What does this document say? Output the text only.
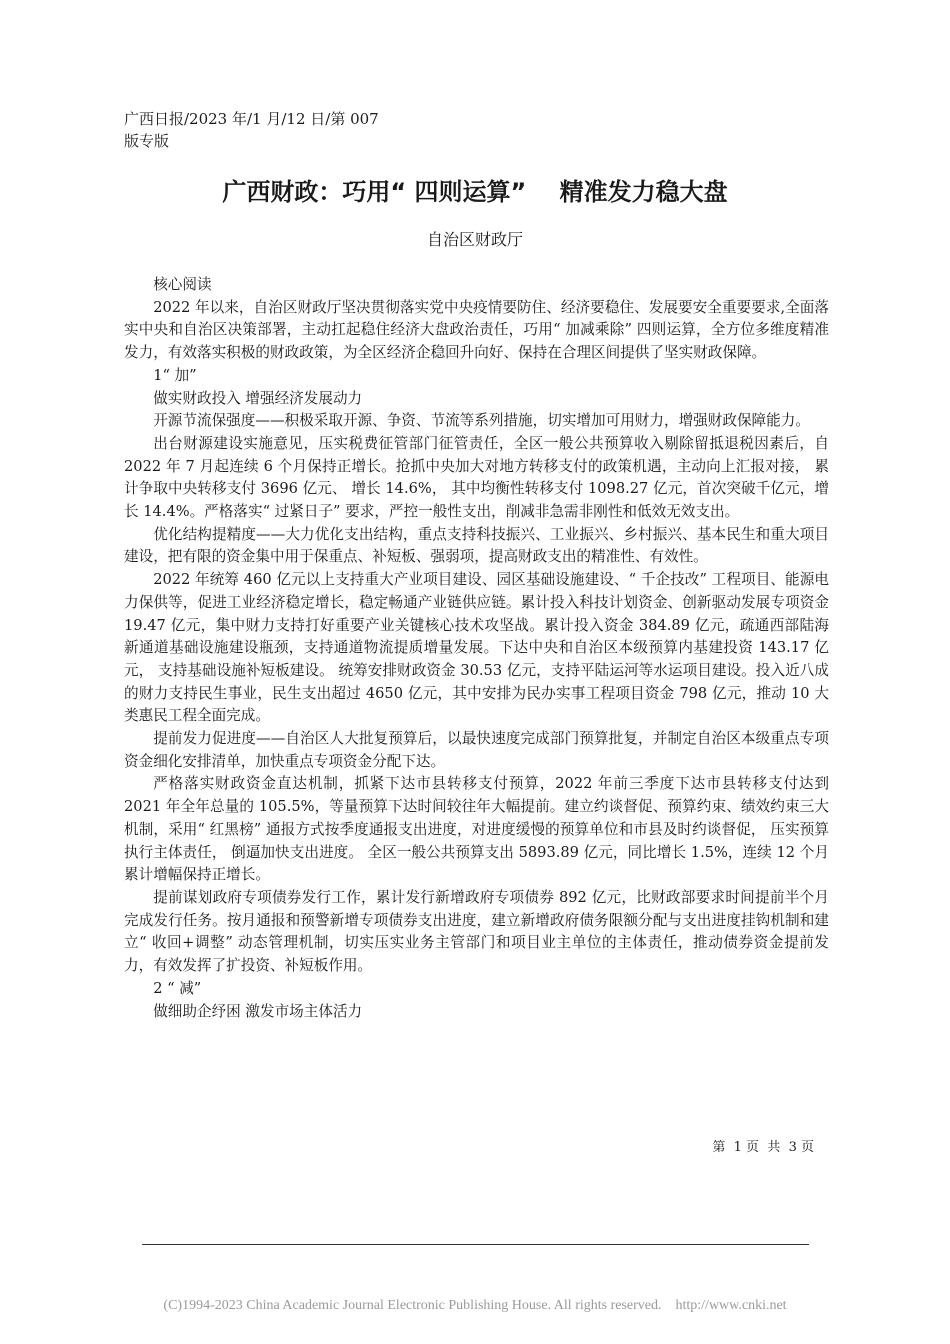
广西日报/2023 年/1 月/12 日/第 007 版专版
广西财政：巧用“ 四则运算”    精准发力稳大盘
自治区财政厅

核心阅读

2022 年以来，自治区财政厅坚决贯彻落实党中央疫情要防住、经济要稳住、发展要安全重要要求,全面落实中央和自治区决策部署，主动扛起稳住经济大盘政治责任，巧用“ 加减乘除” 四则运算，全方位多维度精准发力，有效落实积极的财政政策，为全区经济企稳回升向好、保持在合理区间提供了坚实财政保障。

1“ 加”

做实财政投入 增强经济发展动力

开源节流保强度——积极采取开源、争资、节流等系列措施，切实增加可用财力，增强财政保障能力。

出台财源建设实施意见，压实税费征管部门征管责任，全区一般公共预算收入剔除留抵退税因素后，自 2022 年 7 月起连续 6 个月保持正增长。抢抓中央加大对地方转移支付的政策机遇，主动向上汇报对接， 累计争取中央转移支付 3696 亿元、 增长 14.6%， 其中均衡性转移支付 1098.27 亿元，首次突破千亿元，增长 14.4%。严格落实“ 过紧日子” 要求，严控一般性支出，削减非急需非刚性和低效无效支出。

优化结构提精度——大力优化支出结构，重点支持科技振兴、工业振兴、乡村振兴、基本民生和重大项目建设，把有限的资金集中用于保重点、补短板、强弱项，提高财政支出的精准性、有效性。

2022 年统筹 460 亿元以上支持重大产业项目建设、园区基础设施建设、“ 千企技改” 工程项目、能源电力保供等，促进工业经济稳定增长，稳定畅通产业链供应链。累计投入科技计划资金、创新驱动发展专项资金 19.47 亿元，集中财力支持打好重要产业关键核心技术攻坚战。累计投入资金 384.89 亿元，疏通西部陆海新通道基础设施建设瓶颈，支持通道物流提质增量发展。下达中央和自治区本级预算内基建投资 143.17 亿元， 支持基础设施补短板建设。 统筹安排财政资金 30.53 亿元，支持平陆运河等水运项目建设。投入近八成的财力支持民生事业，民生支出超过 4650 亿元，其中安排为民办实事工程项目资金 798 亿元，推动 10 大类惠民工程全面完成。

提前发力促进度——自治区人大批复预算后，以最快速度完成部门预算批复，并制定自治区本级重点专项资金细化安排清单，加快重点专项资金分配下达。

严格落实财政资金直达机制，抓紧下达市县转移支付预算，2022 年前三季度下达市县转移支付达到 2021 年全年总量的 105.5%，等量预算下达时间较往年大幅提前。建立约谈督促、预算约束、绩效约束三大机制，采用“ 红黑榜” 通报方式按季度通报支出进度，对进度缓慢的预算单位和市县及时约谈督促， 压实预算执行主体责任， 倒逼加快支出进度。 全区一般公共预算支出 5893.89 亿元，同比增长 1.5%，连续 12 个月累计增幅保持正增长。

提前谋划政府专项债券发行工作，累计发行新增政府专项债券 892 亿元，比财政部要求时间提前半个月完成发行任务。按月通报和预警新增专项债券支出进度，建立新增政府债务限额分配与支出进度挂钩机制和建立“ 收回+调整” 动态管理机制，切实压实业务主管部门和项目业主单位的主体责任，推动债券资金提前发力，有效发挥了扩投资、补短板作用。

2 “ 减”

做细助企纾困 激发市场主体活力

第  1 页  共  3 页
(C)1994-2023 China Academic Journal Electronic Publishing House. All rights reserved.    http://www.cnki.net
